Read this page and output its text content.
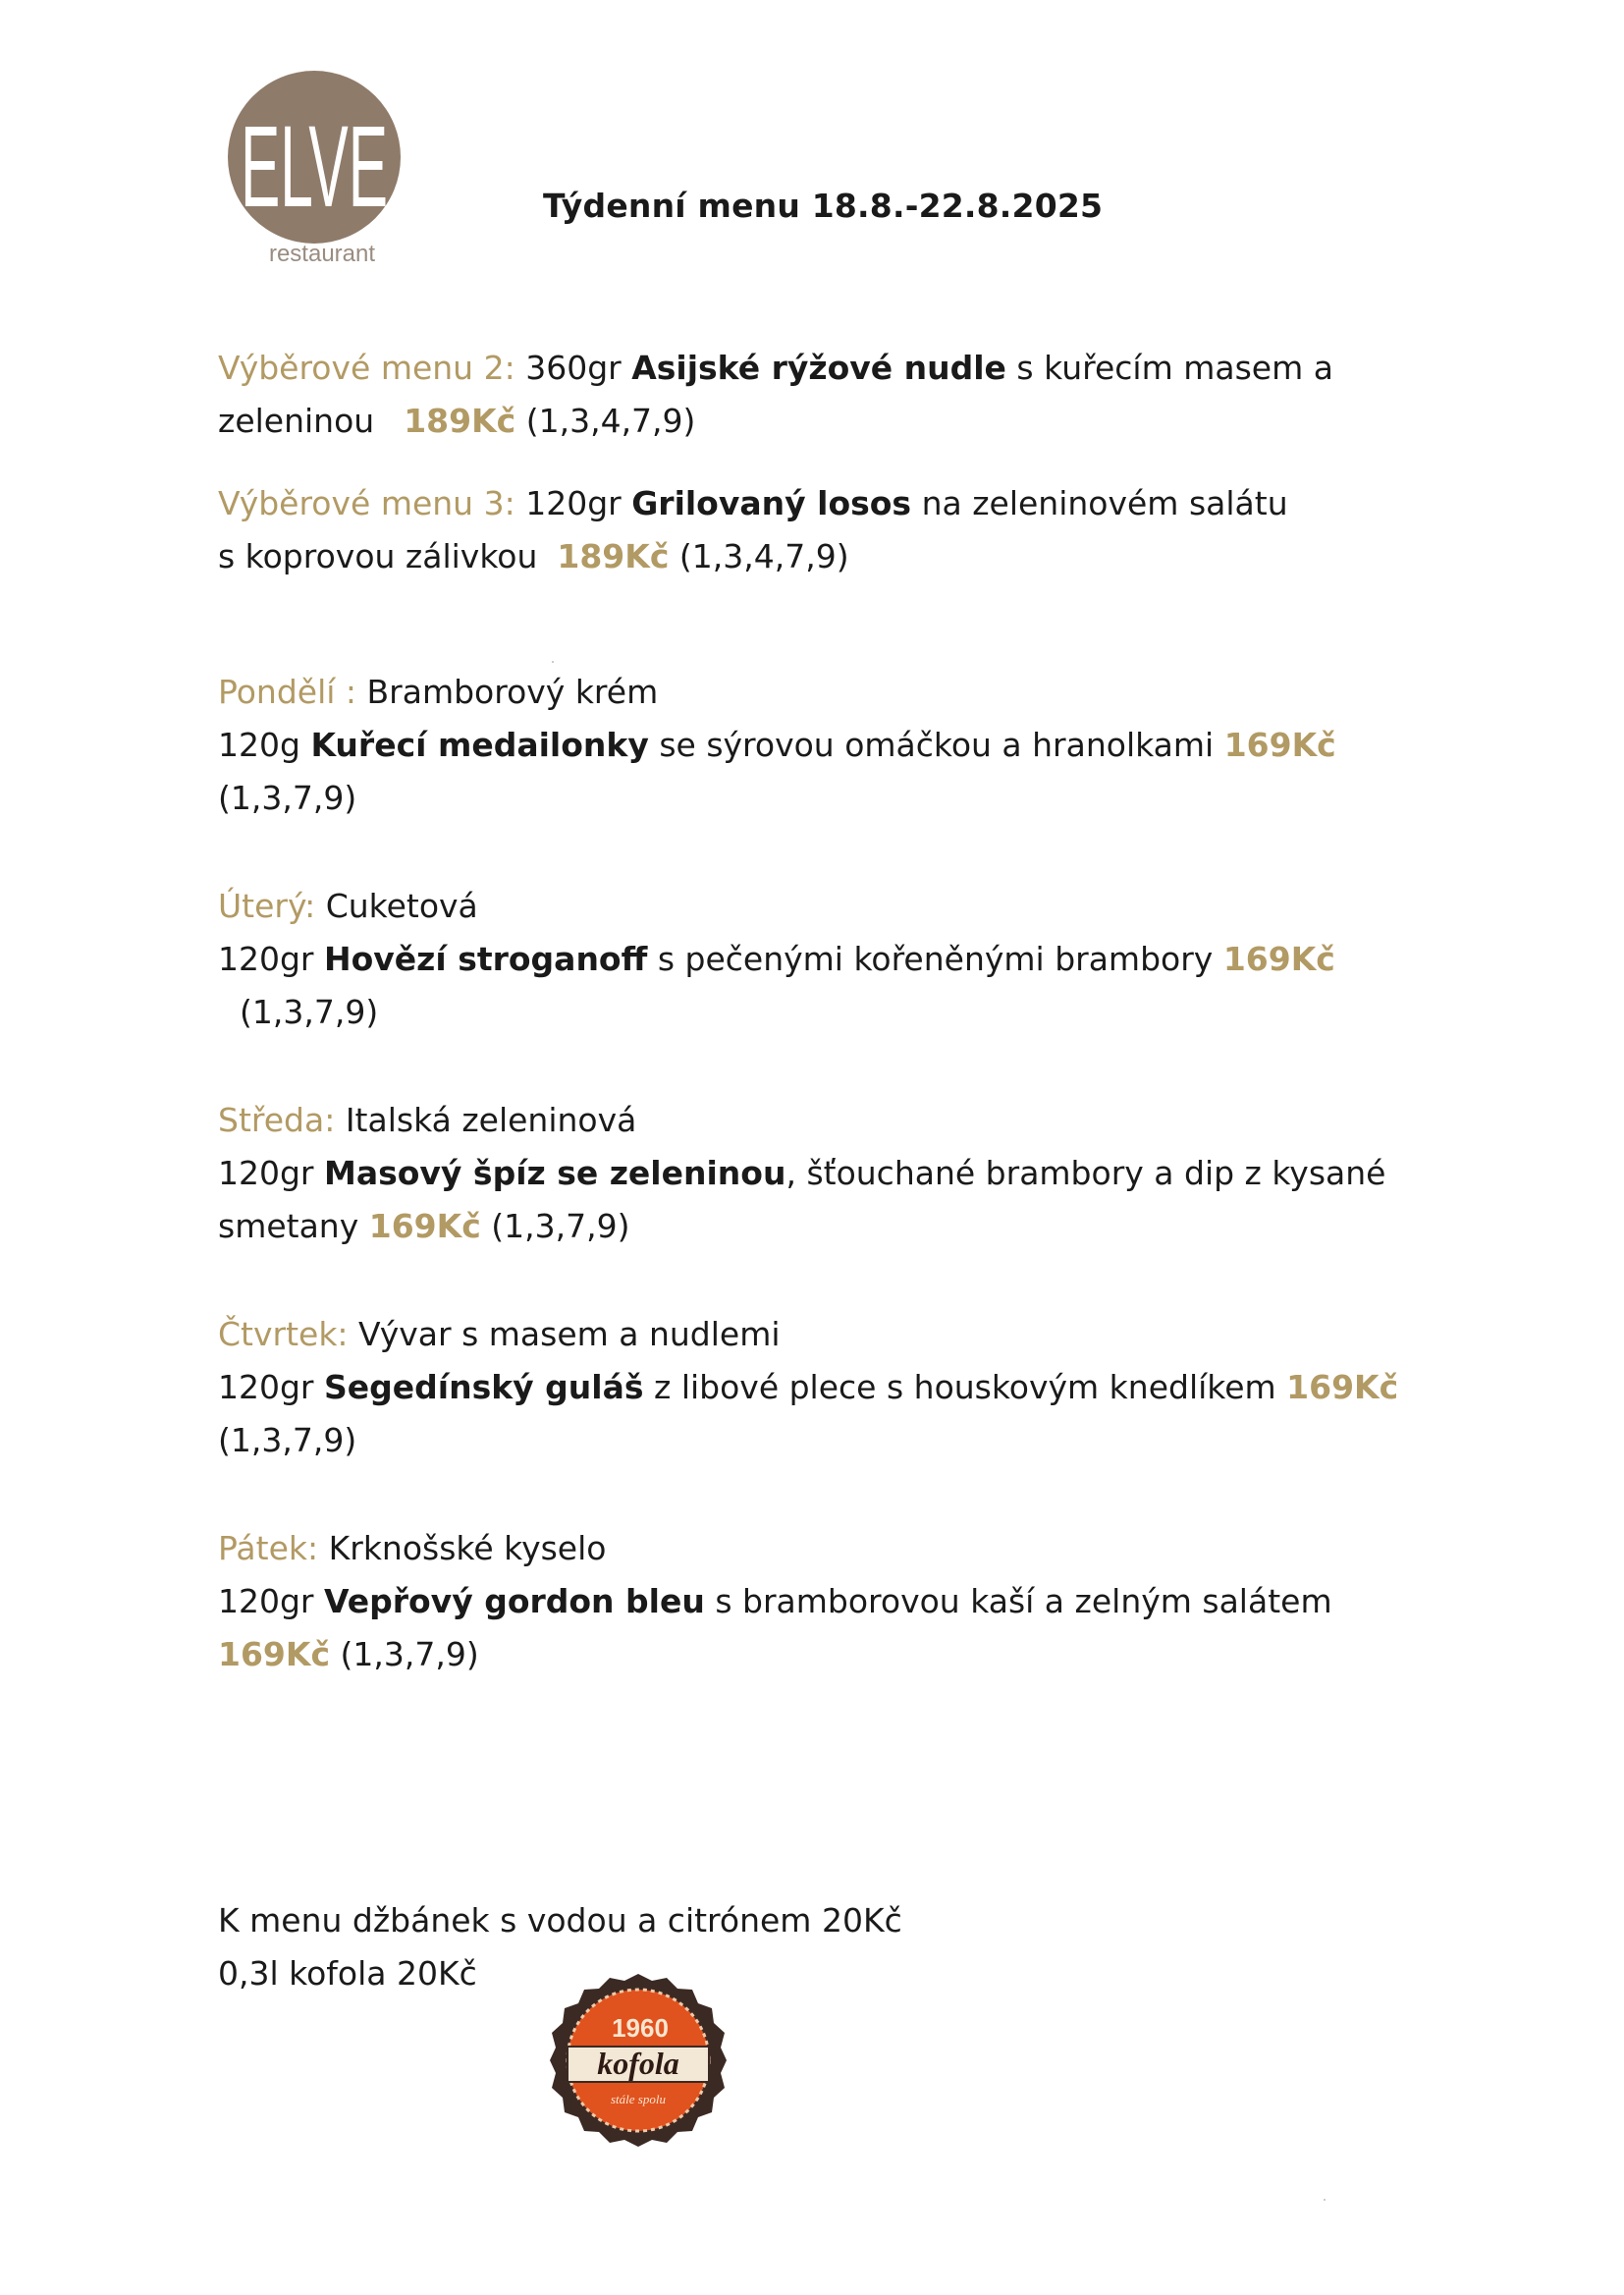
ELVE
restaurant
Týdenní menu 18.8.-22.8.2025
Výběrové menu 2: 360gr Asijské rýžové nudle s kuřecím masem a
zeleninou 189Kč (1,3,4,7,9)
Výběrové menu 3: 120gr Grilovaný losos na zeleninovém salátu
s koprovou zálivkou 189Kč (1,3,4,7,9)
Pondělí : Bramborový krém
120g Kuřecí medailonky se sýrovou omáčkou a hranolkami 169Kč
(1,3,7,9)
Úterý: Cuketová
120gr Hovězí stroganoff s pečenými kořeněnými brambory 169Kč
(1,3,7,9)
Středa: Italská zeleninová
120gr Masový špíz se zeleninou, šťouchané brambory a dip z kysané
smetany 169Kč (1,3,7,9)
Čtvrtek: Vývar s masem a nudlemi
120gr Segedínský guláš z libové plece s houskovým knedlíkem 169Kč
(1,3,7,9)
Pátek: Krknošské kyselo
120gr Vepřový gordon bleu s bramborovou kaší a zelným salátem
169Kč (1,3,7,9)
K menu džbánek s vodou a citrónem 20Kč
0,3l kofola 20Kč
1960
kofola
stále spolu
